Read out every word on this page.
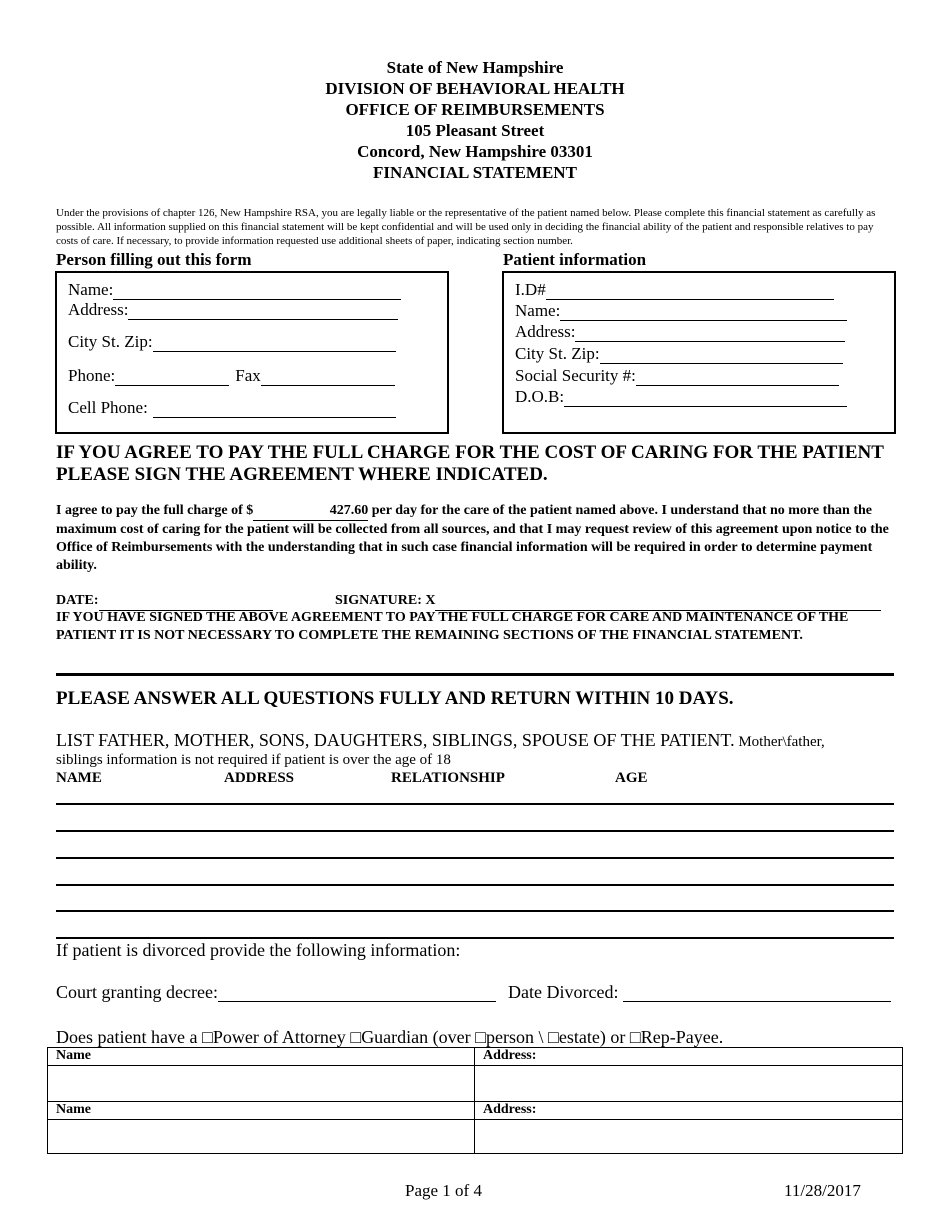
State of New Hampshire
DIVISION OF BEHAVIORAL HEALTH
OFFICE OF REIMBURSEMENTS
105 Pleasant Street
Concord, New Hampshire 03301
FINANCIAL STATEMENT
Under the provisions of chapter 126, New Hampshire RSA, you are legally liable or the representative of the patient named below. Please complete this financial statement as carefully as possible. All information supplied on this financial statement will be kept confidential and will be used only in deciding the financial ability of the patient and responsible relatives to pay costs of care. If necessary, to provide information requested use additional sheets of paper, indicating section number.
Person filling out this form
Name:
Address:
City St. Zip:
Phone:	Fax
Cell Phone:
Patient information
I.D#
Name:
Address:
City St. Zip:
Social Security #:
D.O.B:
IF YOU AGREE TO PAY THE FULL CHARGE FOR THE COST OF CARING FOR THE PATIENT PLEASE SIGN THE AGREEMENT WHERE INDICATED.
I agree to pay the full charge of $	427.60 per day for the care of the patient named above. I understand that no more than the maximum cost of caring for the patient will be collected from all sources, and that I may request review of this agreement upon notice to the Office of Reimbursements with the understanding that in such case financial information will be required in order to determine payment ability.
DATE:	SIGNATURE: X
IF YOU HAVE SIGNED THE ABOVE AGREEMENT TO PAY THE FULL CHARGE FOR CARE AND MAINTENANCE OF THE PATIENT IT IS NOT NECESSARY TO COMPLETE THE REMAINING SECTIONS OF THE FINANCIAL STATEMENT.
PLEASE ANSWER ALL QUESTIONS FULLY AND RETURN WITHIN 10 DAYS.
LIST FATHER, MOTHER, SONS, DAUGHTERS, SIBLINGS, SPOUSE OF THE PATIENT. Mother\father,
siblings information is not required if patient is over the age of 18
NAME	ADDRESS	RELATIONSHIP	AGE
If patient is divorced provide the following information:
Court granting decree:	Date Divorced:
Does patient have a □Power of Attorney □Guardian (over □person \ □estate) or □Rep-Payee.
Name	Address:

Name	Address:

Page 1 of 4	11/28/2017
